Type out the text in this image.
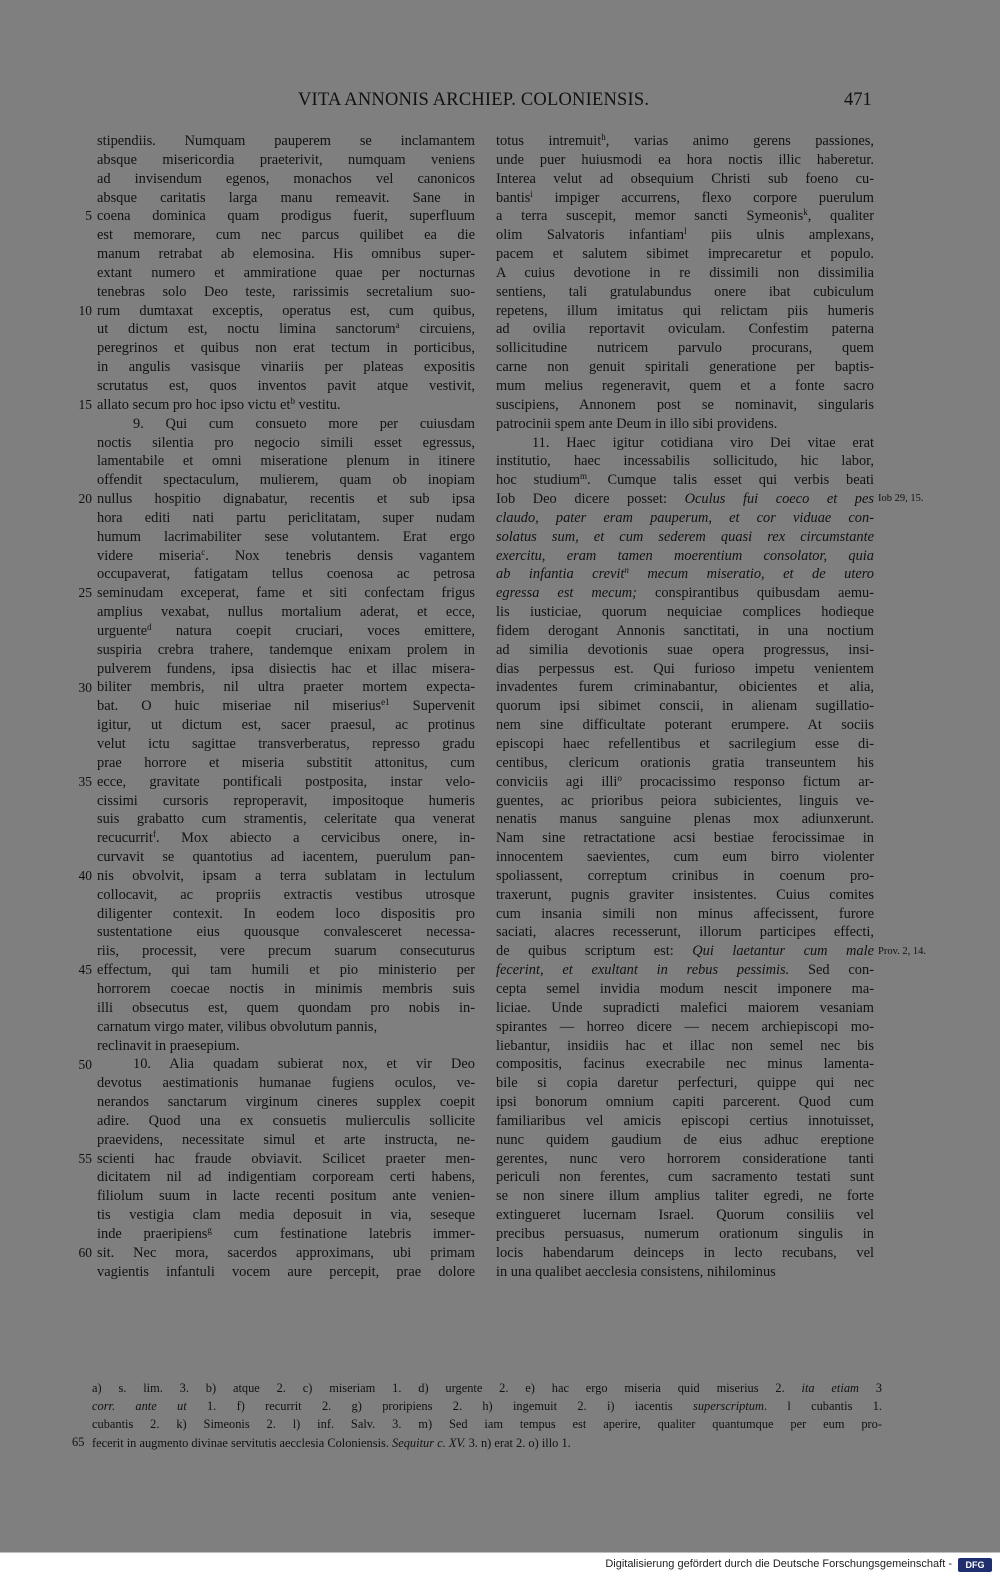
VITA ANNONIS ARCHIEP. COLONIENSIS.	471
stipendiis. Numquam pauperem se inclamantem
absque misericordia praeterivit, numquam veniens
ad invisendum egenos, monachos vel canonicos
absque caritatis larga manu remeavit. Sane in
coena dominica quam prodigus fuerit, superfluum
est memorare, cum nec parcus quilibet ea die
manum retrabat ab elemosina. His omnibus super-
extant numero et ammiratione quae per nocturnas
tenebras solo Deo teste, rarissimis secretalium suo-
rum dumtaxat exceptis, operatus est, cum quibus,
ut dictum est, noctu limina sanctorum$^a$ circuiens,
peregrinos et quibus non erat tectum in porticibus,
in angulis vasisque vinariis per plateas expositis
scrutatus est, quos inventos pavit atque vestivit,
allato secum pro hoc ipso victu $et^b$ vestitu.
9. Qui cum consueto more per cuiusdam
noctis silentia pro negocio simili esset egressus,
lamentabile et omni miseratione plenum in itinere
offendit spectaculum, mulierem, quam ob inopiam
nullus hospitio dignabatur, recentis et sub ipsa
hora editi nati partu periclitatam, super nudam
humum lacrimabiliter sese volutantem. Erat ergo
videre miseria$^c$. Nox tenebris densis vagantem
occupaverat, fatigatam tellus coenosa ac petrosa
seminudam exceperat, fame et siti confectam frigus
amplius vexabat, nullus mortalium aderat, et ecce,
urguente$^d$ natura coepit cruciari, voces emittere,
suspiria crebra trahere, tandemque enixam prolem in
pulverem fundens, ipsa disiectis hac et illac misera-
biliter membris, nil ultra praeter mortem expecta-
bat. O huic miseriae nil miserius$^{e1}$ Supervenit
igitur, ut dictum est, sacer praesul, ac protinus
velut ictu sagittae transverberatus, represso gradu
prae horrore et miseria substitit attonitus, cum
ecce, gravitate pontificali postposita, instar velo-
cissimi cursoris reproperavit, impositoque humeris
suis grabatto cum stramentis, celeritate qua venerat
recucurrit$^f$. Mox abiecto a cervicibus onere, in-
curvavit se quantotius ad iacentem, puerulum pan-
nis obvolvit, ipsam a terra sublatam in lectulum
collocavit, ac propriis extractis vestibus utrosque
diligenter contexit. In eodem loco dispositis pro
sustentatione eius quousque convalesceret necessa-
riis, processit, vere precum suarum consecuturus
effectum, qui tam humili et pio ministerio per
horrorem coecae noctis in minimis membris suis
illi obsecutus est, quem quondam pro nobis in-
carnatum virgo mater, vilibus obvolutum pannis,
reclinavit in praesepium.
10. Alia quadam subierat nox, et vir Deo
devotus aestimationis humanae fugiens oculos, ve-
nerandos sanctarum virginum cineres supplex coepit
adire. Quod una ex consuetis mulierculis sollicite
praevidens, necessitate simul et arte instructa, ne-
scienti hac fraude obviavit. Scilicet praeter men-
dicitatem nil ad indigentiam corpoream certi habens,
filiolum suum in lacte recenti positum ante venien-
tis vestigia clam media deposuit in via, seseque
inde praeripiens$^g$ cum festinatione latebris immer-
sit. Nec mora, sacerdos approximans, ubi primam
vagientis infantuli vocem aure percepit, prae dolore
totus intremuit$^h$, varias animo gerens passiones,
unde puer huiusmodi ea hora noctis illic haberetur.
Interea velut ad obsequium Christi sub foeno cu-
bantis$^i$ impiger accurrens, flexo corpore puerulum
a terra suscepit, memor sancti Symeonis$^k$, qualiter
olim Salvatoris infantiam$^l$ piis ulnis amplexans,
pacem et salutem sibimet imprecaretur et populo.
A cuius devotione in re dissimili non dissimilia
sentiens, tali gratulabundus onere ibat cubiculum
repetens, illum imitatus qui relictam piis humeris
ad ovilia reportavit oviculam. Confestim paterna
sollicitudine nutricem parvulo procurans, quem
carne non genuit spiritali generatione per baptis-
mum melius regeneravit, quem et a fonte sacro
suscipiens, Annonem post se nominavit, singularis
patrocinii spem ante Deum in illo sibi providens.
11. Haec igitur cotidiana viro Dei vitae erat
institutio, haec incessabilis sollicitudo, hic labor,
hoc studium$^m$. Cumque talis esset qui verbis beati
Iob Deo dicere posset: Oculus fui coeco et pes
claudo, pater eram pauperum, et cor viduae con-
solatus sum, et cum sederem quasi rex circumstante
exercitu, eram tamen moerentium consolator, quia
ab infantia crevit$^n$ mecum miseratio, et de utero
egressa est mecum; conspirantibus quibusdam aemu-
lis iusticiae, quorum nequiciae complices hodieque
fidem derogant Annonis sanctitati, in una noctium
ad similia devotionis suae opera progressus, insi-
dias perpessus est. Qui furioso impetu venientem
invadentes furem criminabantur, obicientes et alia,
quorum ipsi sibimet conscii, in alienam sugillatio-
nem sine difficultate poterant erumpere. At sociis
episcopi haec refellentibus et sacrilegium esse di-
centibus, clericum orationis gratia transeuntem his
conviciis agi illi$^o$ procacissimo responso fictum ar-
guentes, ac prioribus peiora subicientes, linguis ve-
nenatis manus sanguine plenas mox adiunxerunt.
Nam sine retractatione acsi bestiae ferocissimae in
innocentem saevientes, cum eum birro violenter
spoliassent, correptum crinibus in coenum pro-
traxerunt, pugnis graviter insistentes. Cuius comites
cum insania simili non minus affecissent, furore
saciati, alacres recesserunt, illorum participes effecti,
de quibus scriptum est: Qui laetantur cum male
fecerint, et exultant in rebus pessimis. Sed con-
cepta semel invidia modum nescit imponere ma-
liciae. Unde supradicti malefici maiorem vesaniam
spirantes — horreo dicere — necem archiepiscopi mo-
liebantur, insidiis hac et illac non semel nec bis
compositis, facinus execrabile nec minus lamenta-
bile si copia daretur perfecturi, quippe qui nec
ipsi bonorum omnium capiti parcerent. Quod cum
familiaribus vel amicis episcopi certius innotuisset,
nunc quidem gaudium de eius adhuc ereptione
gerentes, nunc vero horrorem consideratione tanti
periculi non ferentes, cum sacramento testati sunt
se non sinere illum amplius taliter egredi, ne forte
extingueret lucernam Israel. Quorum consiliis vel
precibus persuasus, numerum orationum singulis in
locis habendarum deinceps in lecto recubans, vel
in una qualibet aecclesia consistens, nihilominus
a) s. lim. 3. b) atque 2. c) miseriam 1. d) urgente 2. e) hac ergo miseria quid miserius 2. ita etiam 3
corr. ante ut 1. f) recurrit 2. g) proripiens 2. h) ingemuit 2. i) iacentis superscriptum. l cubantis 1.
cubantis 2. k) Simeonis 2. l) inf. Salv. 3. m) Sed iam tempus est aperire, qualiter quantumque per eum pro-
fecerit in augmento divinae servitutis aecclesia Coloniensis. Sequitur c. XV. 3. n) erat 2. o) illo 1.
65
Digitalisierung gefördert durch die Deutsche Forschungsgemeinschaft -	DFG
5
10
15
20
25
30
35
40
45
50
55
60
Iob 29, 15.
Prov. 2, 14.
